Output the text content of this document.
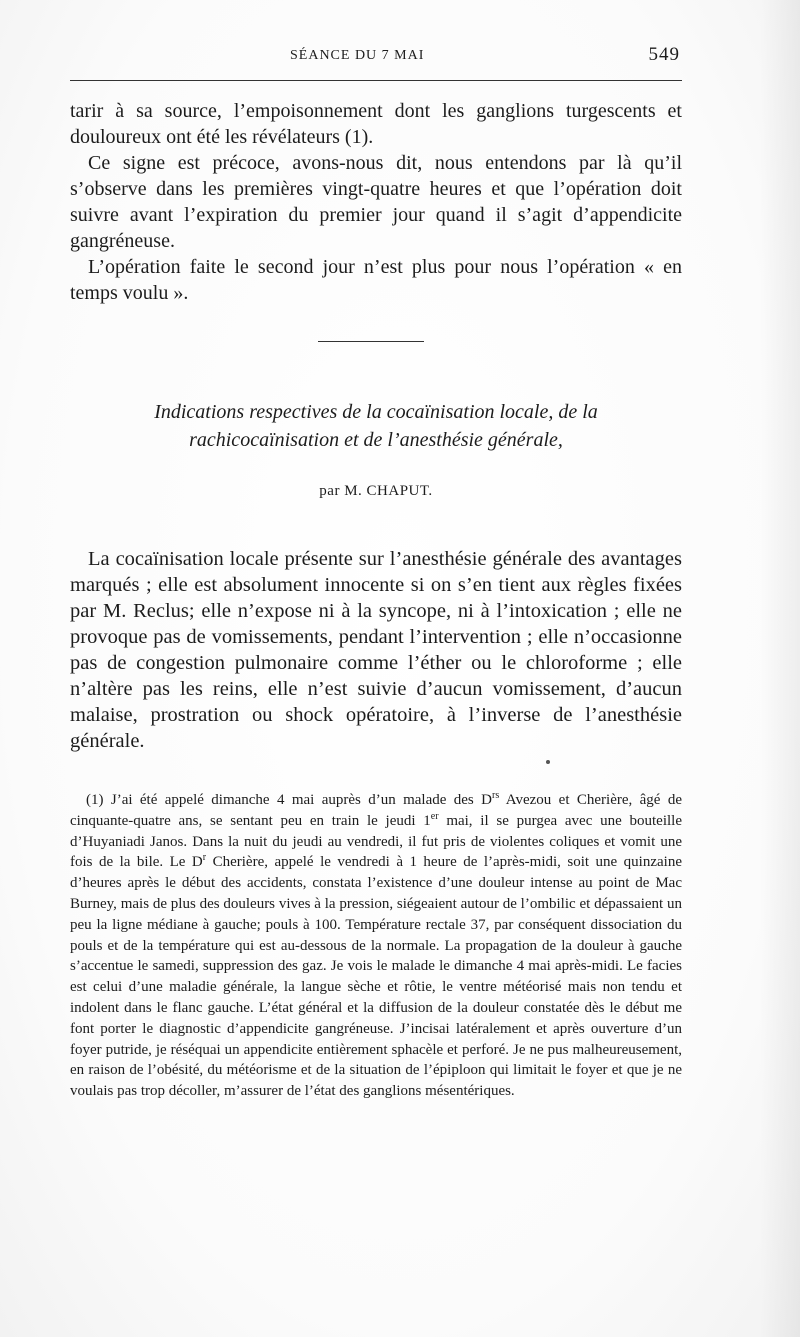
SÉANCE DU 7 MAI	549

tarir à sa source, l’empoisonnement dont les ganglions turgescents et douloureux ont été les révélateurs (1).

Ce signe est précoce, avons-nous dit, nous entendons par là qu’il s’observe dans les premières vingt-quatre heures et que l’opération doit suivre avant l’expiration du premier jour quand il s’agit d’appendicite gangréneuse.

L’opération faite le second jour n’est plus pour nous l’opération « en temps voulu ».

Indications respectives de la cocaïnisation locale, de la
rachicocaïnisation et de l’anesthésie générale,
par M. CHAPUT.

La cocaïnisation locale présente sur l’anesthésie générale des avantages marqués ; elle est absolument innocente si on s’en tient aux règles fixées par M. Reclus; elle n’expose ni à la syncope, ni à l’intoxication ; elle ne provoque pas de vomissements, pendant l’intervention ; elle n’occasionne pas de congestion pulmonaire comme l’éther ou le chloroforme ; elle n’altère pas les reins, elle n’est suivie d’aucun vomissement, d’aucun malaise, prostration ou shock opératoire, à l’inverse de l’anesthésie générale.

(1) J’ai été appelé dimanche 4 mai auprès d’un malade des $D^{rs}$ Avezou et Cherière, âgé de cinquante-quatre ans, se sentant peu en train le jeudi 1er mai, il se purgea avec une bouteille d’Huyaniadi Janos. Dans la nuit du jeudi au vendredi, il fut pris de violentes coliques et vomit une fois de la bile. Le $D^r$ Cherière, appelé le vendredi à 1 heure de l’après-midi, soit une quinzaine d’heures après le début des accidents, constata l’existence d’une douleur intense au point de Mac Burney, mais de plus des douleurs vives à la pression, siégeaient autour de l’ombilic et dépassaient un peu la ligne médiane à gauche; pouls à 100. Température rectale 37, par conséquent dissociation du pouls et de la température qui est au-dessous de la normale. La propagation de la douleur à gauche s’accentue le samedi, suppression des gaz. Je vois le malade le dimanche 4 mai après-midi. Le facies est celui d’une maladie générale, la langue sèche et rôtie, le ventre météorisé mais non tendu et indolent dans le flanc gauche. L’état général et la diffusion de la douleur constatée dès le début me font porter le diagnostic d’appendicite gangréneuse. J’incisai latéralement et après ouverture d’un foyer putride, je réséquai un appendicite entièrement sphacèle et perforé. Je ne pus malheureusement, en raison de l’obésité, du météorisme et de la situation de l’épiploon qui limitait le foyer et que je ne voulais pas trop décoller, m’assurer de l’état des ganglions mésentériques.
